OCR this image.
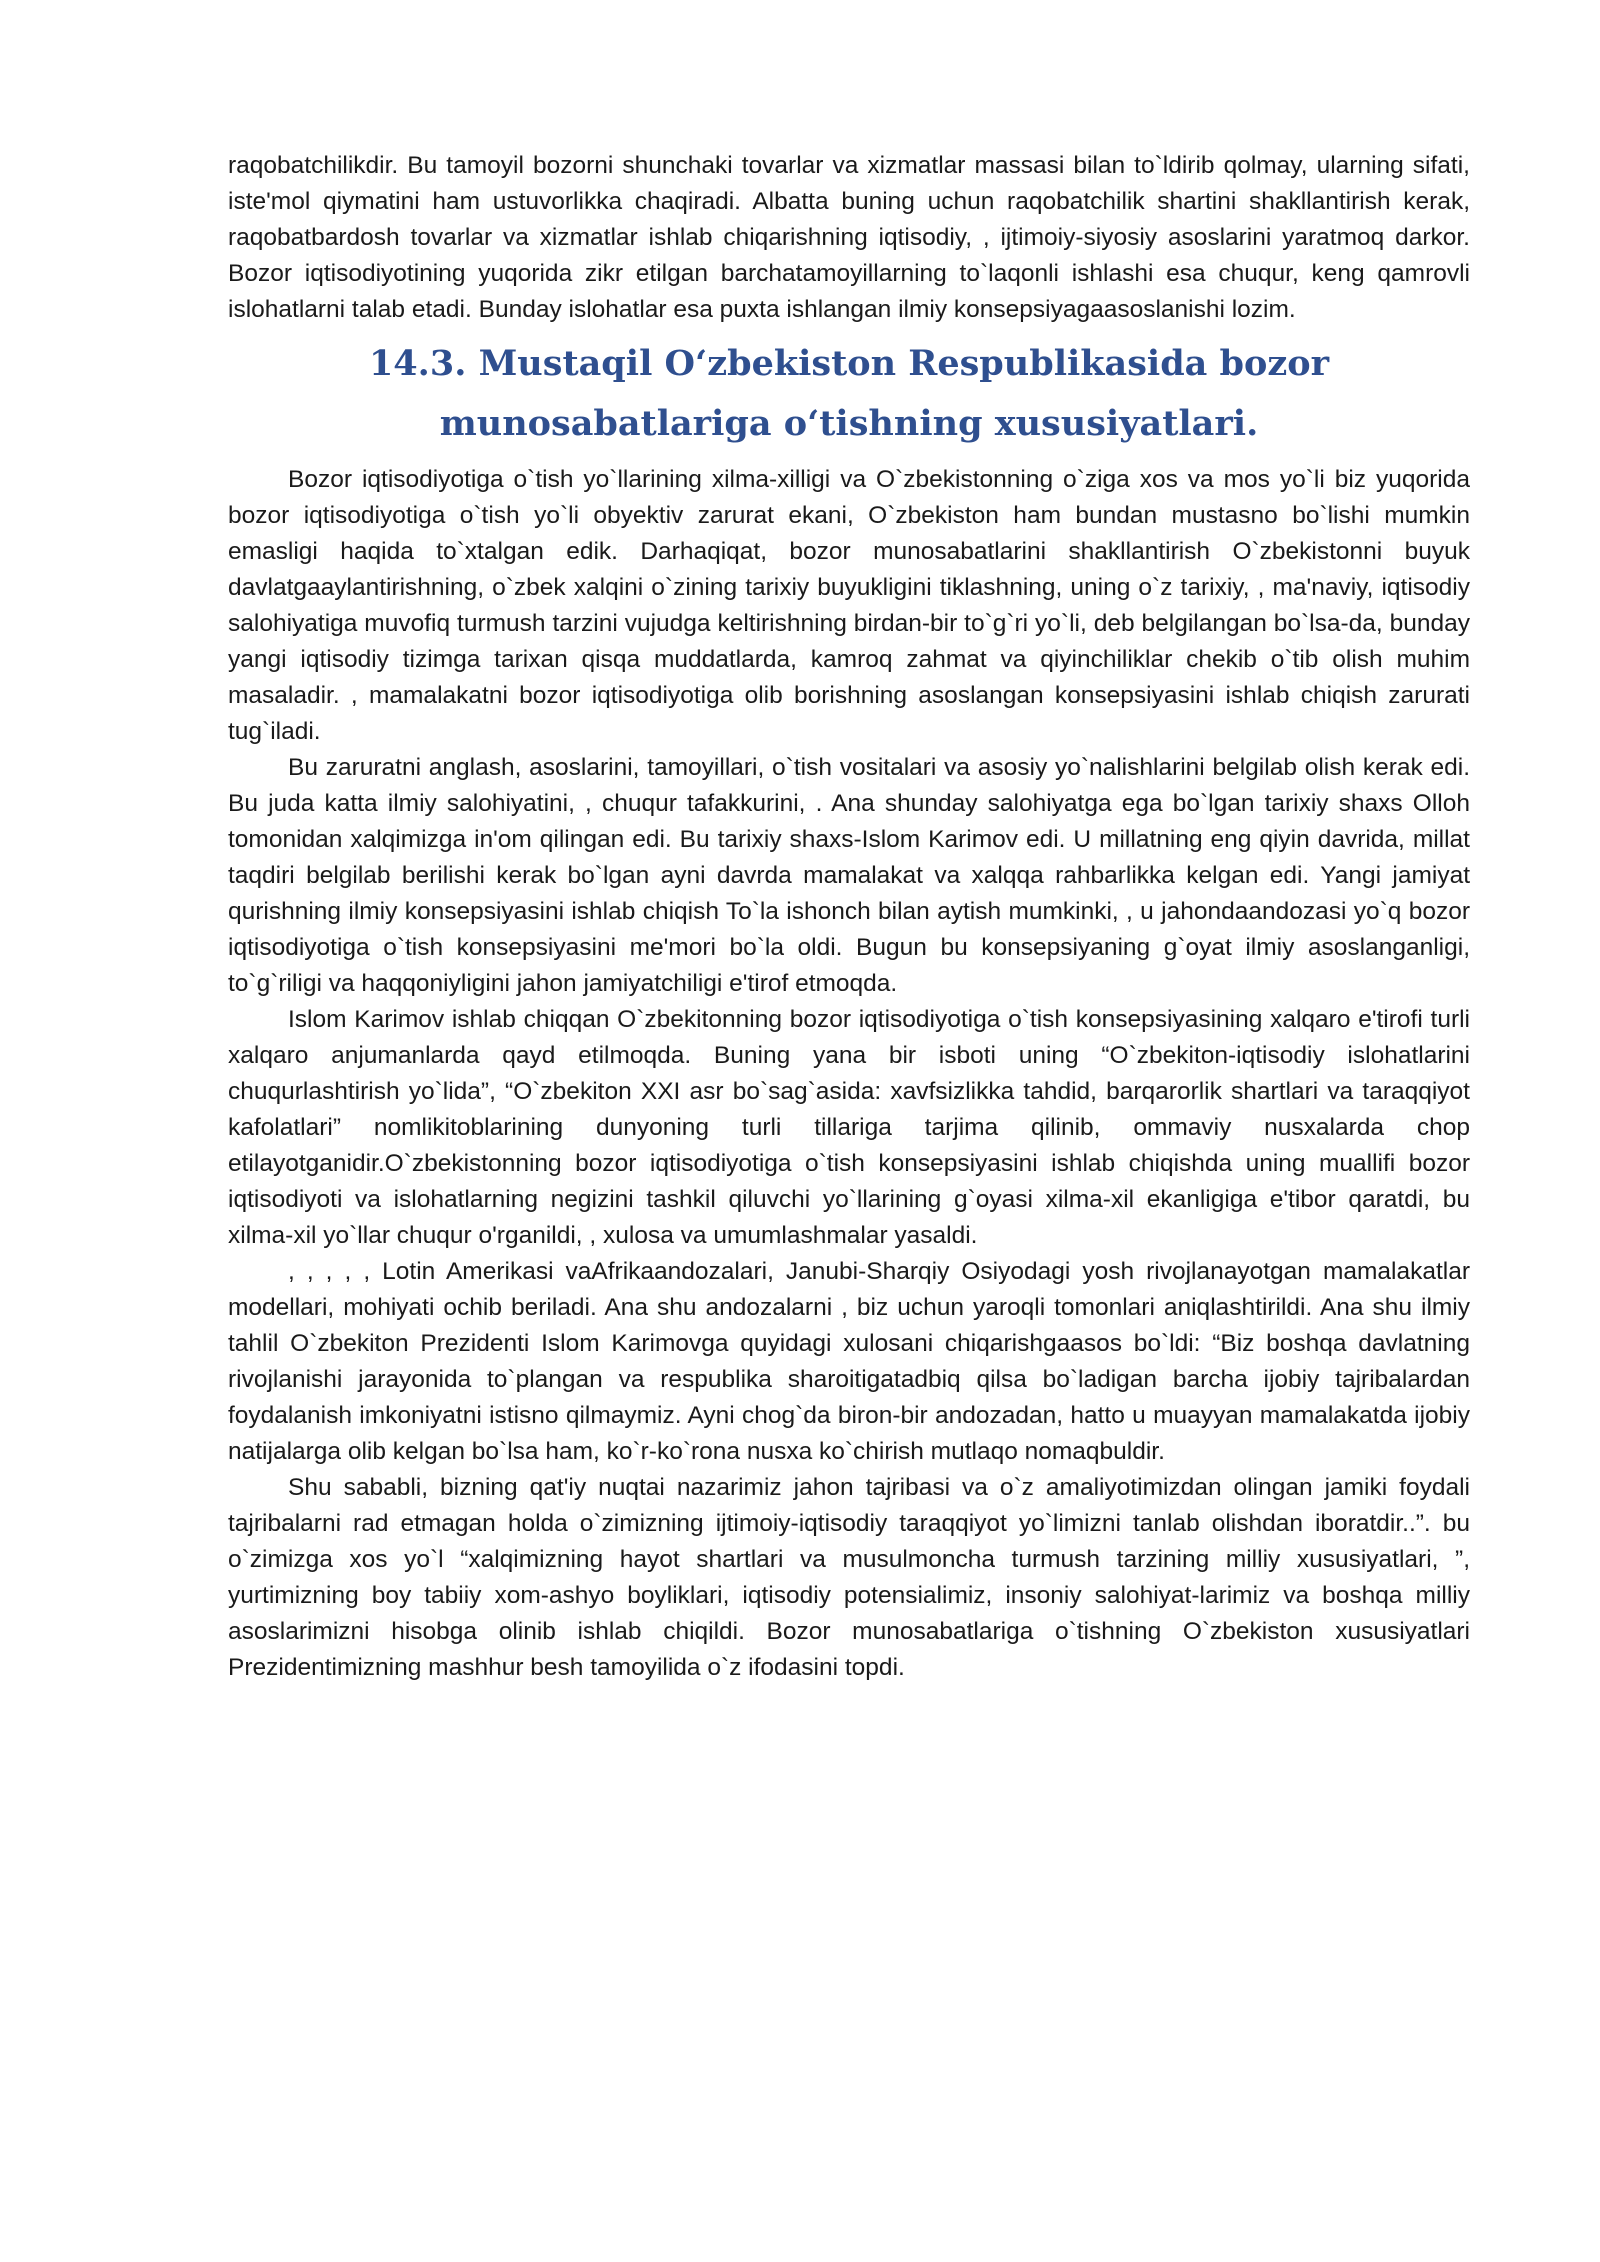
raqobatchilikdir. Bu tamoyil bozorni shunchaki tovarlar va xizmatlar massasi bilan to`ldirib qolmay, ularning sifati, iste'mol qiymatini ham ustuvorlikka chaqiradi. Albatta buning uchun raqobatchilik shartini shakllantirish kerak, raqobatbardosh tovarlar va xizmatlar ishlab chiqarishning iqtisodiy, , ijtimoiy-siyosiy asoslarini yaratmoq darkor. Bozor iqtisodiyotining yuqorida zikr etilgan barchatamoyillarning to`laqonli ishlashi esa chuqur, keng qamrovli islohatlarni talab etadi. Bunday islohatlar esa puxta ishlangan ilmiy konsepsiyagaasoslanishi lozim.

14.3. Mustaqil O‘zbekiston Respublikasida bozor
munosabatlariga o‘tishning xususiyatlari.

Bozor iqtisodiyotiga o`tish yo`llarining xilma-xilligi va O`zbekistonning o`ziga xos va mos yo`li biz yuqorida bozor iqtisodiyotiga o`tish yo`li obyektiv zarurat ekani, O`zbekiston ham bundan mustasno bo`lishi mumkin emasligi haqida to`xtalgan edik. Darhaqiqat, bozor munosabatlarini shakllantirish O`zbekistonni buyuk davlatgaaylantirishning, o`zbek xalqini o`zining tarixiy buyukligini tiklashning, uning o`z tarixiy, , ma'naviy, iqtisodiy salohiyatiga muvofiq turmush tarzini vujudga keltirishning birdan-bir to`g`ri yo`li, deb belgilangan bo`lsa-da, bunday yangi iqtisodiy tizimga tarixan qisqa muddatlarda, kamroq zahmat va qiyinchiliklar chekib o`tib olish muhim masaladir. , mamalakatni bozor iqtisodiyotiga olib borishning asoslangan konsepsiyasini ishlab chiqish zarurati tug`iladi.

Bu zaruratni anglash, asoslarini, tamoyillari, o`tish vositalari va asosiy yo`nalishlarini belgilab olish kerak edi. Bu juda katta ilmiy salohiyatini, , chuqur tafakkurini, . Ana shunday salohiyatga ega bo`lgan tarixiy shaxs Olloh tomonidan xalqimizga in'om qilingan edi. Bu tarixiy shaxs-Islom Karimov edi. U millatning eng qiyin davrida, millat taqdiri belgilab berilishi kerak bo`lgan ayni davrda mamalakat va xalqqa rahbarlikka kelgan edi. Yangi jamiyat qurishning ilmiy konsepsiyasini ishlab chiqish To`la ishonch bilan aytish mumkinki, , u jahondaandozasi yo`q bozor iqtisodiyotiga o`tish konsepsiyasini me'mori bo`la oldi. Bugun bu konsepsiyaning g`oyat ilmiy asoslanganligi, to`g`riligi va haqqoniyligini jahon jamiyatchiligi e'tirof etmoqda.

Islom Karimov ishlab chiqqan O`zbekitonning bozor iqtisodiyotiga o`tish konsepsiyasining xalqaro e'tirofi turli xalqaro anjumanlarda qayd etilmoqda. Buning yana bir isboti uning “O`zbekiton-iqtisodiy islohatlarini chuqurlashtirish yo`lida”, “O`zbekiton XXI asr bo`sag`asida: xavfsizlikka tahdid, barqarorlik shartlari va taraqqiyot kafolatlari” nomlikitoblarining dunyoning turli tillariga tarjima qilinib, ommaviy nusxalarda chop etilayotganidir.O`zbekistonning bozor iqtisodiyotiga o`tish konsepsiyasini ishlab chiqishda uning muallifi bozor iqtisodiyoti va islohatlarning negizini tashkil qiluvchi yo`llarining g`oyasi xilma-xil ekanligiga e'tibor qaratdi, bu xilma-xil yo`llar chuqur o'rganildi, , xulosa va umumlashmalar yasaldi.

, , , , , Lotin Amerikasi vaAfrikaandozalari, Janubi-Sharqiy Osiyodagi yosh rivojlanayotgan mamalakatlar modellari, mohiyati ochib beriladi. Ana shu andozalarni , biz uchun yaroqli tomonlari aniqlashtirildi. Ana shu ilmiy tahlil O`zbekiton Prezidenti Islom Karimovga quyidagi xulosani chiqarishgaasos bo`ldi: “Biz boshqa davlatning rivojlanishi jarayonida to`plangan va respublika sharoitigatadbiq qilsa bo`ladigan barcha ijobiy tajribalardan foydalanish imkoniyatni istisno qilmaymiz. Ayni chog`da biron-bir andozadan, hatto u muayyan mamalakatda ijobiy natijalarga olib kelgan bo`lsa ham, ko`r-ko`rona nusxa ko`chirish mutlaqo nomaqbuldir.

Shu sababli, bizning qat'iy nuqtai nazarimiz jahon tajribasi va o`z amaliyotimizdan olingan jamiki foydali tajribalarni rad etmagan holda o`zimizning ijtimoiy-iqtisodiy taraqqiyot yo`limizni tanlab olishdan iboratdir..”. bu o`zimizga xos yo`l “xalqimizning hayot shartlari va musulmoncha turmush tarzining milliy xususiyatlari, ”, yurtimizning boy tabiiy xom-ashyo boyliklari, iqtisodiy potensialimiz, insoniy salohiyat-larimiz va boshqa milliy asoslarimizni hisobga olinib ishlab chiqildi. Bozor munosabatlariga o`tishning O`zbekiston xususiyatlari Prezidentimizning mashhur besh tamoyilida o`z ifodasini topdi.
